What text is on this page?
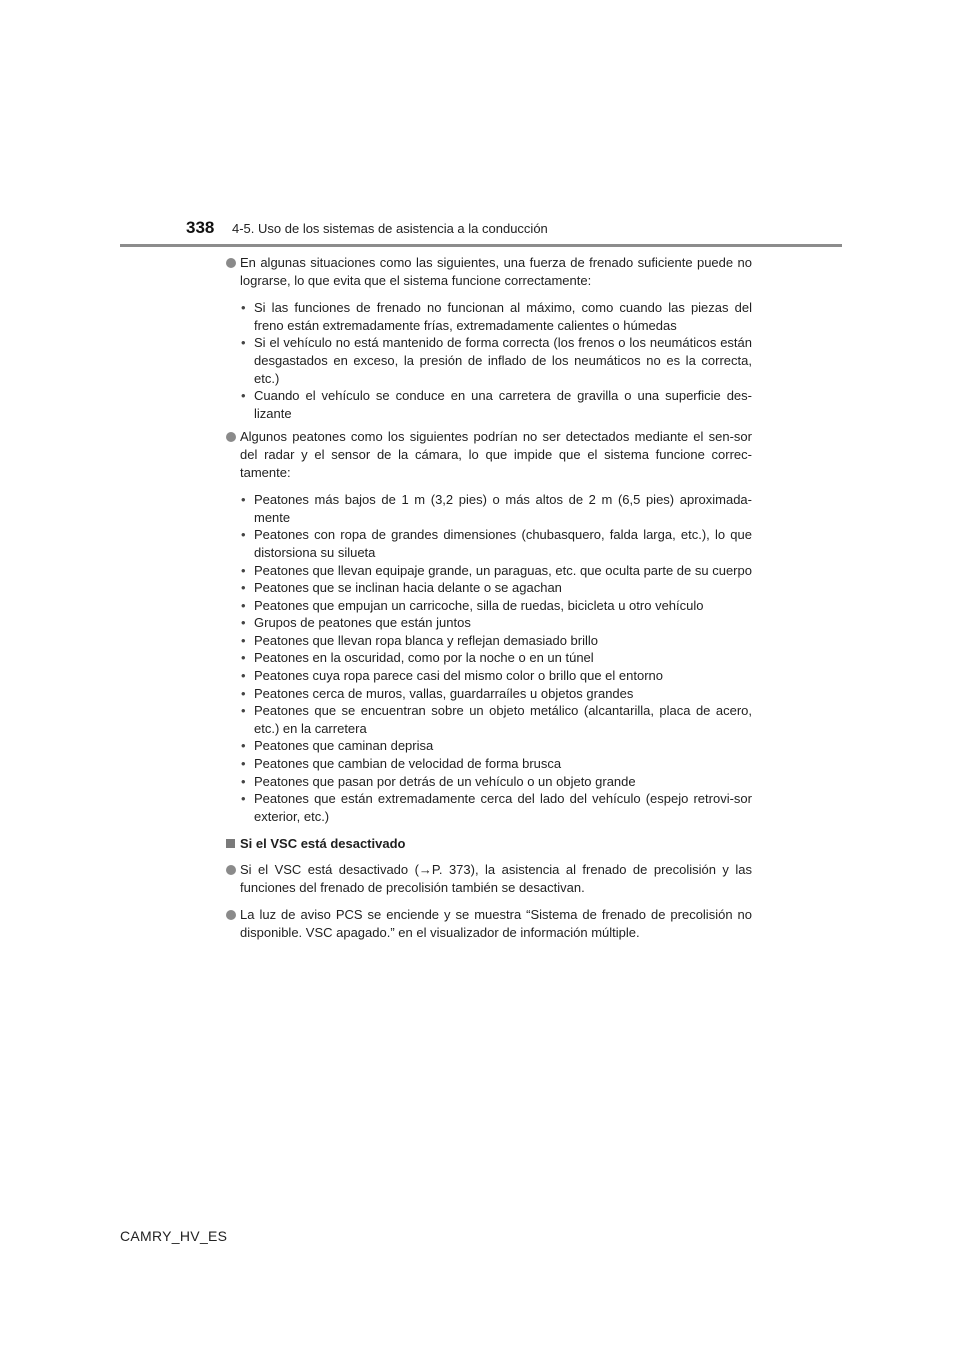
338 4-5. Uso de los sistemas de asistencia a la conducción
En algunas situaciones como las siguientes, una fuerza de frenado suficiente puede no lograrse, lo que evita que el sistema funcione correctamente:
• Si las funciones de frenado no funcionan al máximo, como cuando las piezas del freno están extremadamente frías, extremadamente calientes o húmedas
• Si el vehículo no está mantenido de forma correcta (los frenos o los neumáticos están desgastados en exceso, la presión de inflado de los neumáticos no es la correcta, etc.)
• Cuando el vehículo se conduce en una carretera de gravilla o una superficie des-lizante
Algunos peatones como los siguientes podrían no ser detectados mediante el sen-sor del radar y el sensor de la cámara, lo que impide que el sistema funcione correc-tamente:
• Peatones más bajos de 1 m (3,2 pies) o más altos de 2 m (6,5 pies) aproximada-mente
• Peatones con ropa de grandes dimensiones (chubasquero, falda larga, etc.), lo que distorsiona su silueta
• Peatones que llevan equipaje grande, un paraguas, etc. que oculta parte de su cuerpo
• Peatones que se inclinan hacia delante o se agachan
• Peatones que empujan un carricoche, silla de ruedas, bicicleta u otro vehículo
• Grupos de peatones que están juntos
• Peatones que llevan ropa blanca y reflejan demasiado brillo
• Peatones en la oscuridad, como por la noche o en un túnel
• Peatones cuya ropa parece casi del mismo color o brillo que el entorno
• Peatones cerca de muros, vallas, guardarraíles u objetos grandes
• Peatones que se encuentran sobre un objeto metálico (alcantarilla, placa de acero, etc.) en la carretera
• Peatones que caminan deprisa
• Peatones que cambian de velocidad de forma brusca
• Peatones que pasan por detrás de un vehículo o un objeto grande
• Peatones que están extremadamente cerca del lado del vehículo (espejo retrovi-sor exterior, etc.)
Si el VSC está desactivado
Si el VSC está desactivado (→P. 373), la asistencia al frenado de precolisión y las funciones del frenado de precolisión también se desactivan.
La luz de aviso PCS se enciende y se muestra “Sistema de frenado de precolisión no disponible. VSC apagado.” en el visualizador de información múltiple.
CAMRY_HV_ES
